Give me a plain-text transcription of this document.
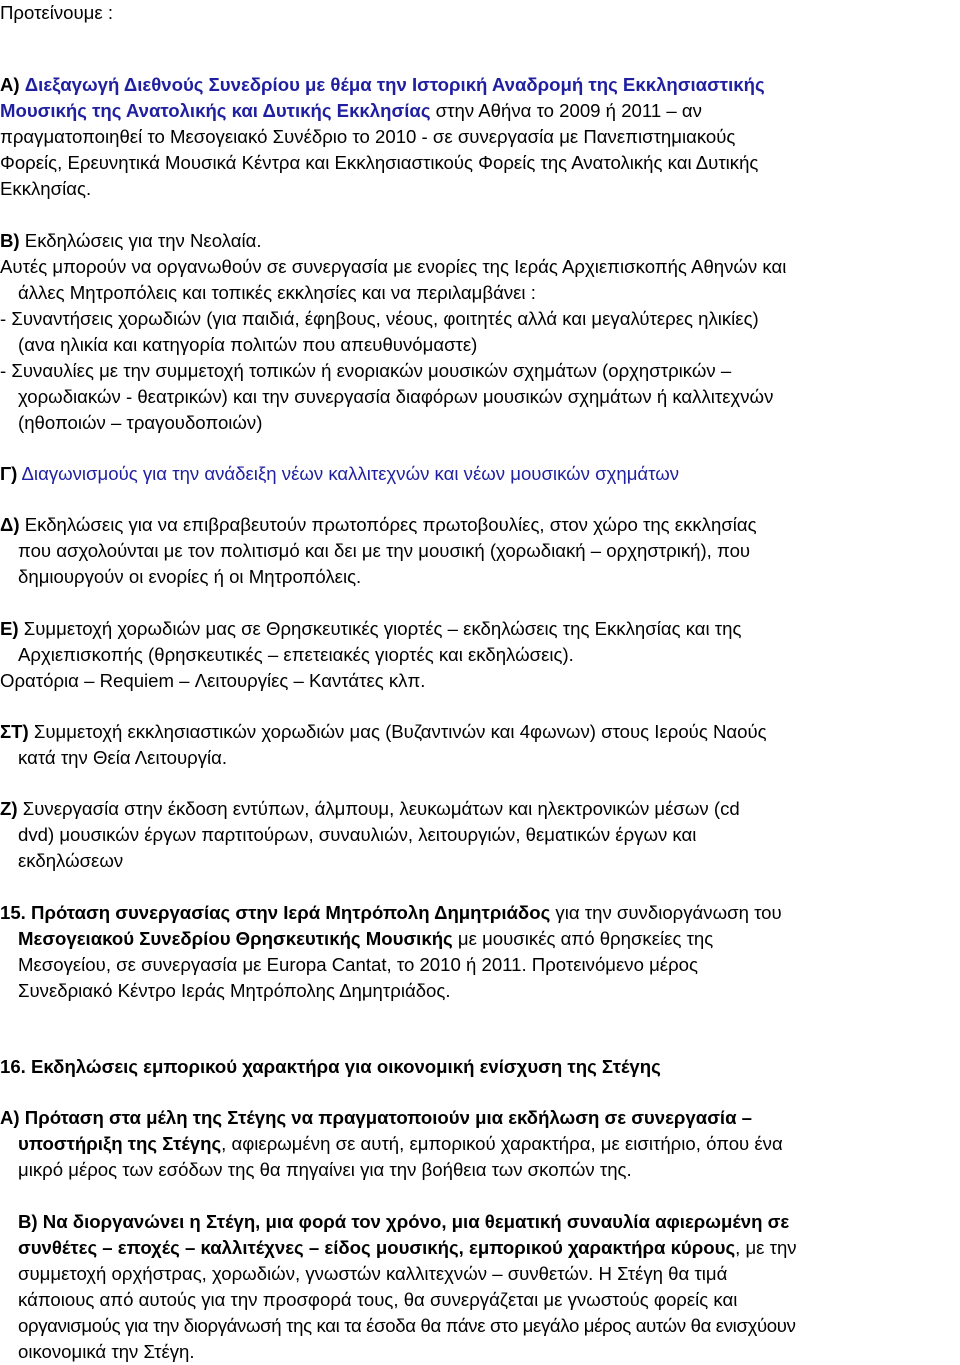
Προτείνουμε :
Α) Διεξαγωγή Διεθνούς Συνεδρίου με θέμα την Ιστορική Αναδρομή της Εκκλησιαστικής
Μουσικής της Ανατολικής και Δυτικής Εκκλησίας στην Αθήνα το 2009 ή 2011 – αν
πραγματοποιηθεί το Μεσογειακό Συνέδριο το 2010 - σε συνεργασία με Πανεπιστημιακούς
Φορείς, Ερευνητικά Μουσικά Κέντρα και Εκκλησιαστικούς Φορείς της Ανατολικής και Δυτικής
Εκκλησίας.
Β) Εκδηλώσεις για την Νεολαία.
Αυτές μπορούν να οργανωθούν σε συνεργασία με ενορίες της Ιεράς Αρχιεπισκοπής Αθηνών και
άλλες Μητροπόλεις και τοπικές εκκλησίες και να περιλαμβάνει :
- Συναντήσεις χορωδιών (για παιδιά, έφηβους, νέους, φοιτητές αλλά και μεγαλύτερες ηλικίες)
(ανα ηλικία και κατηγορία πολιτών που απευθυνόμαστε)
- Συναυλίες με την συμμετοχή τοπικών ή ενοριακών μουσικών σχημάτων (ορχηστρικών –
χορωδιακών - θεατρικών) και την συνεργασία διαφόρων μουσικών σχημάτων ή καλλιτεχνών
(ηθοποιών – τραγουδοποιών)
Γ) Διαγωνισμούς για την ανάδειξη νέων καλλιτεχνών και νέων μουσικών σχημάτων
Δ) Εκδηλώσεις για να επιβραβευτούν πρωτοπόρες πρωτοβουλίες, στον χώρο της εκκλησίας
που ασχολούνται με τον πολιτισμό και δει με την μουσική (χορωδιακή – ορχηστρική), που
δημιουργούν οι ενορίες ή οι Μητροπόλεις.
Ε) Συμμετοχή χορωδιών μας σε Θρησκευτικές γιορτές – εκδηλώσεις της Εκκλησίας και της
Αρχιεπισκοπής (θρησκευτικές – επετειακές γιορτές και εκδηλώσεις).
Ορατόρια – Requiem – Λειτουργίες – Καντάτες κλπ.
ΣΤ) Συμμετοχή εκκλησιαστικών χορωδιών μας (Βυζαντινών και 4φωνων) στους Ιερούς Ναούς
κατά την Θεία Λειτουργία.
Ζ) Συνεργασία στην έκδοση εντύπων, άλμπουμ, λευκωμάτων και ηλεκτρονικών μέσων (cd
dvd) μουσικών έργων παρτιτούρων, συναυλιών, λειτουργιών, θεματικών έργων και
εκδηλώσεων
15. Πρόταση συνεργασίας στην Ιερά Μητρόπολη Δημητριάδος για την συνδιοργάνωση του
Μεσογειακού Συνεδρίου Θρησκευτικής Μουσικής με μουσικές από θρησκείες της
Μεσογείου, σε συνεργασία με Europa Cantat, το 2010 ή 2011. Προτεινόμενο μέρος
Συνεδριακό Κέντρο Ιεράς Μητρόπολης Δημητριάδος.
16. Εκδηλώσεις εμπορικού χαρακτήρα για οικονομική ενίσχυση της Στέγης
Α) Πρόταση στα μέλη της Στέγης να πραγματοποιούν μια εκδήλωση σε συνεργασία –
υποστήριξη της Στέγης, αφιερωμένη σε αυτή, εμπορικού χαρακτήρα, με εισιτήριο, όπου ένα
μικρό μέρος των εσόδων της θα πηγαίνει για την βοήθεια των σκοπών της.
Β) Να διοργανώνει η Στέγη, μια φορά τον χρόνο, μια θεματική συναυλία αφιερωμένη σε
συνθέτες – εποχές – καλλιτέχνες – είδος μουσικής, εμπορικού χαρακτήρα κύρους, με την
συμμετοχή ορχήστρας, χορωδιών, γνωστών καλλιτεχνών – συνθετών. Η Στέγη θα τιμά
κάποιους από αυτούς για την προσφορά τους, θα συνεργάζεται με γνωστούς φορείς και
οργανισμούς για την διοργάνωσή της και τα έσοδα θα πάνε στο μεγάλο μέρος αυτών θα ενισχύουν
οικονομικά την Στέγη.
